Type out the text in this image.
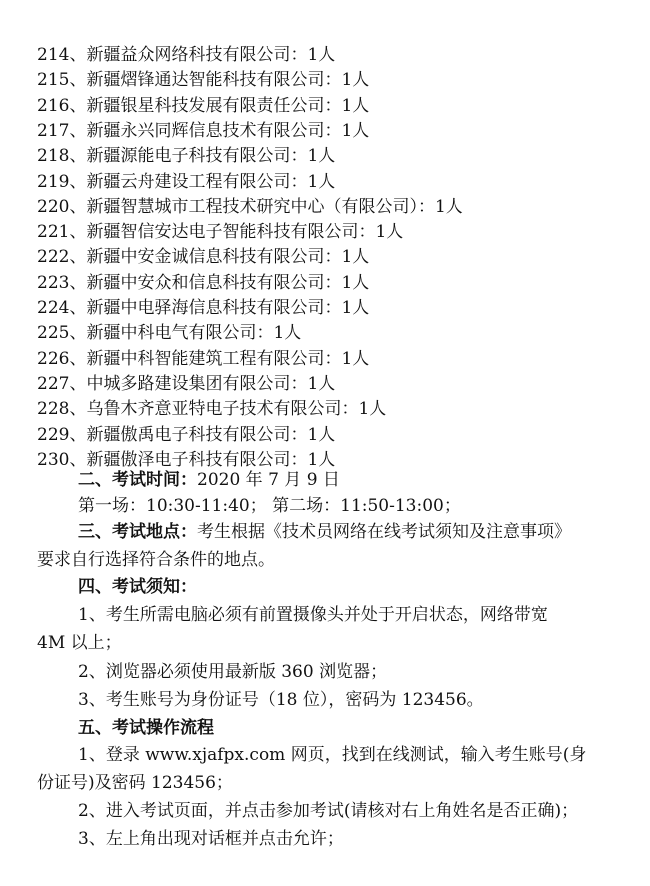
214、新疆益众网络科技有限公司：1人
215、新疆熠锋通达智能科技有限公司：1人
216、新疆银星科技发展有限责任公司：1人
217、新疆永兴同辉信息技术有限公司：1人
218、新疆源能电子科技有限公司：1人
219、新疆云舟建设工程有限公司：1人
220、新疆智慧城市工程技术研究中心（有限公司）：1人
221、新疆智信安达电子智能科技有限公司：1人
222、新疆中安金诚信息科技有限公司：1人
223、新疆中安众和信息科技有限公司：1人
224、新疆中电驿海信息科技有限公司：1人
225、新疆中科电气有限公司：1人
226、新疆中科智能建筑工程有限公司：1人
227、中城多路建设集团有限公司：1人
228、乌鲁木齐意亚特电子技术有限公司：1人
229、新疆傲禹电子科技有限公司：1人
230、新疆傲泽电子科技有限公司：1人
二、考试时间：2020 年 7 月 9 日
第一场：10:30-11:40； 第二场：11:50-13:00；
三、考试地点：考生根据《技术员网络在线考试须知及注意事项》
要求自行选择符合条件的地点。
四、考试须知：
1、考生所需电脑必须有前置摄像头并处于开启状态，网络带宽
4M 以上；
2、浏览器必须使用最新版 360 浏览器；
3、考生账号为身份证号（18 位），密码为 123456。
五、考试操作流程
1、登录 www.xjafpx.com 网页，找到在线测试，输入考生账号(身
份证号)及密码 123456；
2、进入考试页面，并点击参加考试(请核对右上角姓名是否正确)；
3、左上角出现对话框并点击允许；
